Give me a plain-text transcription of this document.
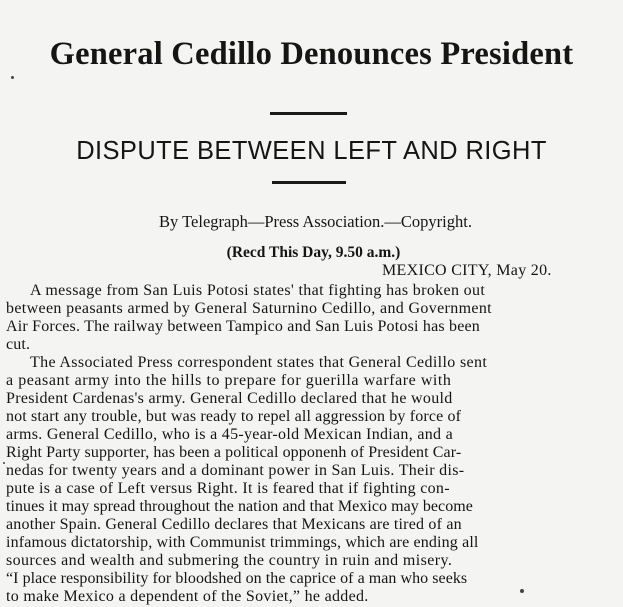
General Cedillo Denounces President
DISPUTE BETWEEN LEFT AND RIGHT
By Telegraph—Press Association.—Copyright.
(Recd This Day, 9.50 a.m.)
MEXICO CITY, May 20.
A message from San Luis Potosi states' that fighting has broken out
between peasants armed by General Saturnino Cedillo, and Government
Air Forces. The railway between Tampico and San Luis Potosi has been
cut.
The Associated Press correspondent states that General Cedillo sent
a peasant army into the hills to prepare for guerilla warfare with
President Cardenas's army. General Cedillo declared that he would
not start any trouble, but was ready to repel all aggression by force of
arms. General Cedillo, who is a 45-year-old Mexican Indian, and a
Right Party supporter, has been a political opponenh of President Car-
nedas for twenty years and a dominant power in San Luis. Their dis-
pute is a case of Left versus Right. It is feared that if fighting con-
tinues it may spread throughout the nation and that Mexico may become
another Spain. General Cedillo declares that Mexicans are tired of an
infamous dictatorship, with Communist trimmings, which are ending all
sources and wealth and submering the country in ruin and misery.
“I place responsibility for bloodshed on the caprice of a man who seeks
to make Mexico a dependent of the Soviet,” he added.
